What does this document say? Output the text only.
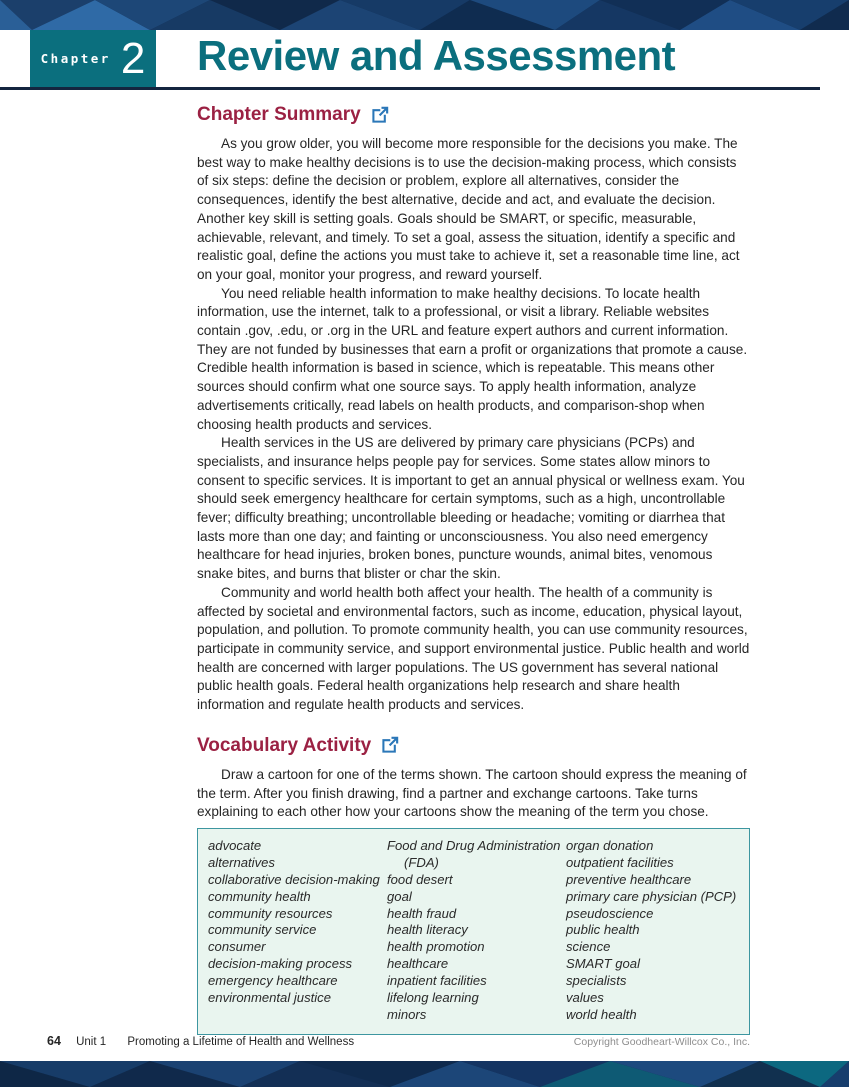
Chapter 2 Review and Assessment
Chapter Summary

As you grow older, you will become more responsible for the decisions you make. The best way to make healthy decisions is to use the decision-making process, which consists of six steps: define the decision or problem, explore all alternatives, consider the consequences, identify the best alternative, decide and act, and evaluate the decision. Another key skill is setting goals. Goals should be SMART, or specific, measurable, achievable, relevant, and timely. To set a goal, assess the situation, identify a specific and realistic goal, define the actions you must take to achieve it, set a reasonable time line, act on your goal, monitor your progress, and reward yourself.

You need reliable health information to make healthy decisions. To locate health information, use the internet, talk to a professional, or visit a library. Reliable websites contain .gov, .edu, or .org in the URL and feature expert authors and current information. They are not funded by businesses that earn a profit or organizations that promote a cause. Credible health information is based in science, which is repeatable. This means other sources should confirm what one source says. To apply health information, analyze advertisements critically, read labels on health products, and comparison-shop when choosing health products and services.

Health services in the US are delivered by primary care physicians (PCPs) and specialists, and insurance helps people pay for services. Some states allow minors to consent to specific services. It is important to get an annual physical or wellness exam. You should seek emergency healthcare for certain symptoms, such as a high, uncontrollable fever; difficulty breathing; uncontrollable bleeding or headache; vomiting or diarrhea that lasts more than one day; and fainting or unconsciousness. You also need emergency healthcare for head injuries, broken bones, puncture wounds, animal bites, venomous snake bites, and burns that blister or char the skin.

Community and world health both affect your health. The health of a community is affected by societal and environmental factors, such as income, education, physical layout, population, and pollution. To promote community health, you can use community resources, participate in community service, and support environmental justice. Public health and world health are concerned with larger populations. The US government has several national public health goals. Federal health organizations help research and share health information and regulate health products and services.

Vocabulary Activity

Draw a cartoon for one of the terms shown. The cartoon should express the meaning of the term. After you finish drawing, find a partner and exchange cartoons. Take turns explaining to each other how your cartoons show the meaning of the term you chose.

advocate
alternatives
collaborative decision-making
community health
community resources
community service
consumer
decision-making process
emergency healthcare
environmental justice
Food and Drug Administration (FDA)
food desert
goal
health fraud
health literacy
health promotion
healthcare
inpatient facilities
lifelong learning
minors
organ donation
outpatient facilities
preventive healthcare
primary care physician (PCP)
pseudoscience
public health
science
SMART goal
specialists
values
world health
64 Unit 1 Promoting a Lifetime of Health and Wellness	Copyright Goodheart-Willcox Co., Inc.
